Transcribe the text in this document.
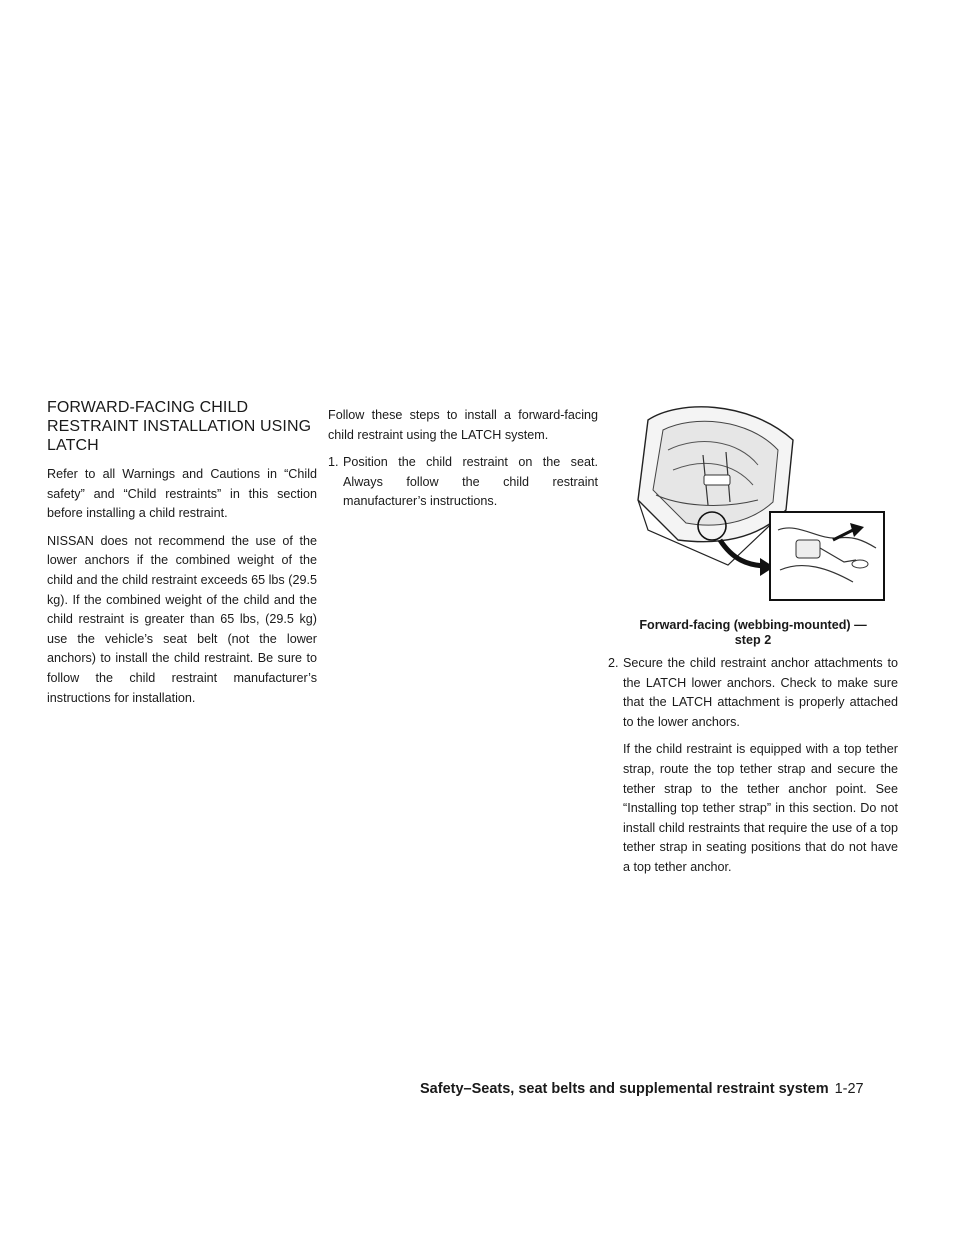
FORWARD-FACING CHILD
RESTRAINT INSTALLATION USING
LATCH

Refer to all Warnings and Cautions in “Child safety” and “Child restraints” in this section before installing a child restraint.

NISSAN does not recommend the use of the lower anchors if the combined weight of the child and the child restraint exceeds 65 lbs (29.5 kg). If the combined weight of the child and the child restraint is greater than 65 lbs, (29.5 kg) use the vehicle’s seat belt (not the lower anchors) to install the child restraint. Be sure to follow the child restraint manufacturer’s instructions for installation.

Follow these steps to install a forward-facing child restraint using the LATCH system.

1. Position the child restraint on the seat. Always follow the child restraint manufacturer’s instructions.
Forward-facing (webbing-mounted) —
step 2
2. Secure the child restraint anchor attachments to the LATCH lower anchors. Check to make sure that the LATCH attachment is properly attached to the lower anchors.

If the child restraint is equipped with a top tether strap, route the top tether strap and secure the tether strap to the tether anchor point. See “Installing top tether strap” in this section. Do not install child restraints that require the use of a top tether strap in seating positions that do not have a top tether anchor.

Safety–Seats, seat belts and supplemental restraint system 1-27
